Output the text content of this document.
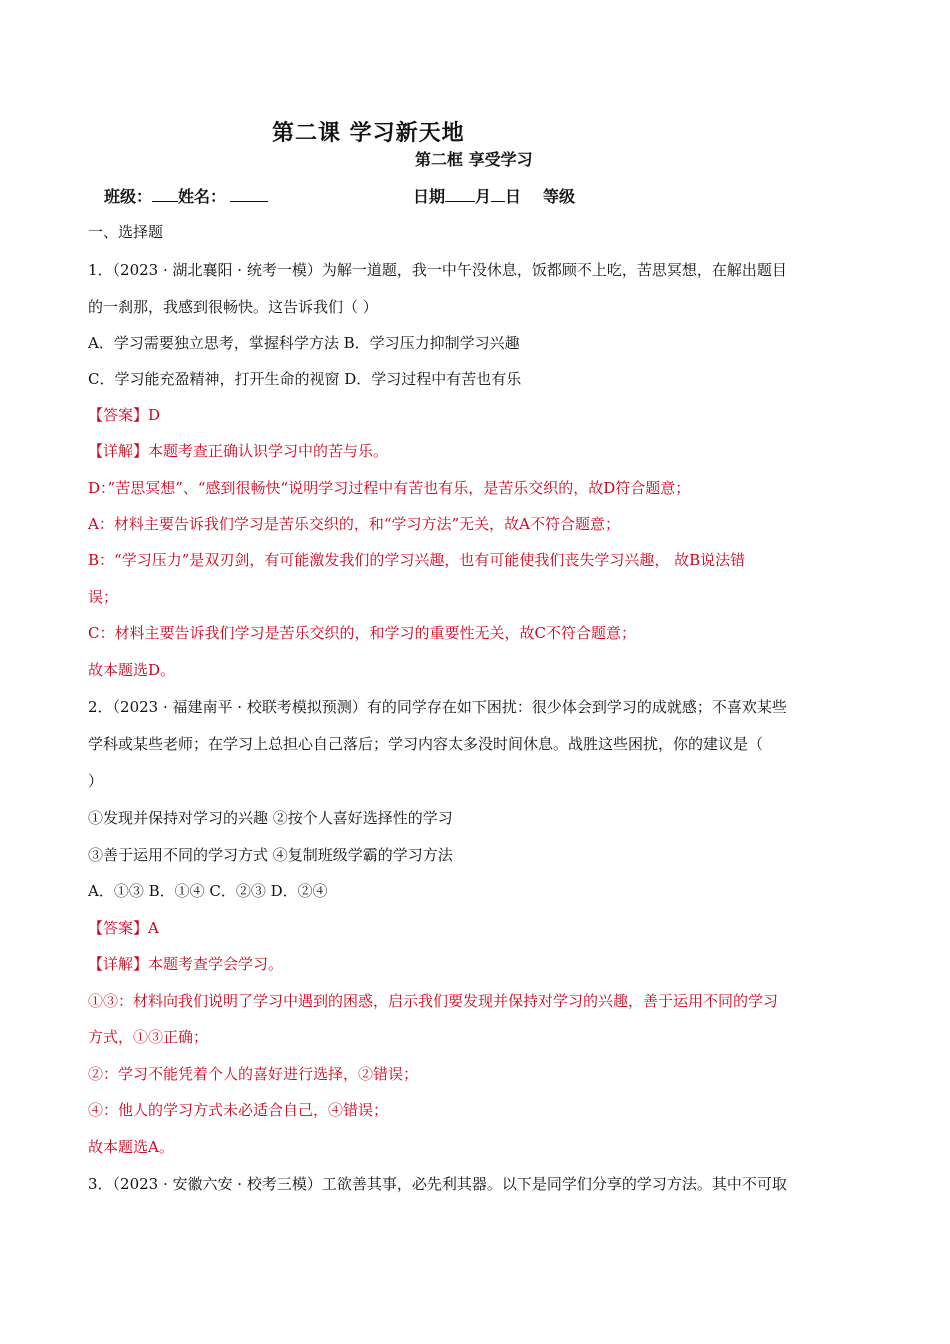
第二课 学习新天地
第二框 享受学习
班级： 姓名：	日期 月 日 等级
一、选择题
1．（2023 · 湖北襄阳 · 统考一模）为解一道题，我一中午没休息，饭都顾不上吃，苦思冥想，在解出题目
的一刹那，我感到很畅快。这告诉我们（ ）
A．学习需要独立思考，掌握科学方法 B．学习压力抑制学习兴趣
C．学习能充盈精神，打开生命的视窗 D．学习过程中有苦也有乐
【答案】D
【详解】本题考查正确认识学习中的苦与乐。
D：”苦思冥想”、“感到很畅快“说明学习过程中有苦也有乐，是苦乐交织的，故D符合题意；
A：材料主要告诉我们学习是苦乐交织的，和“学习方法”无关，故A不符合题意；
B：“学习压力”是双刃剑，有可能激发我们的学习兴趣，也有可能使我们丧失学习兴趣， 故B说法错
误；
C：材料主要告诉我们学习是苦乐交织的，和学习的重要性无关，故C不符合题意；
故本题选D。
2．（2023 · 福建南平 · 校联考模拟预测）有的同学存在如下困扰：很少体会到学习的成就感；不喜欢某些
学科或某些老师；在学习上总担心自己落后；学习内容太多没时间休息。战胜这些困扰，你的建议是（
）
①发现并保持对学习的兴趣 ②按个人喜好选择性的学习
③善于运用不同的学习方式 ④复制班级学霸的学习方法
A．①③ B．①④ C．②③ D．②④
【答案】A
【详解】本题考查学会学习。
①③：材料向我们说明了学习中遇到的困惑，启示我们要发现并保持对学习的兴趣，善于运用不同的学习
方式，①③正确；
②：学习不能凭着个人的喜好进行选择，②错误；
④：他人的学习方式未必适合自己，④错误；
故本题选A。
3．（2023 · 安徽六安 · 校考三模）工欲善其事，必先利其器。以下是同学们分享的学习方法。其中不可取
